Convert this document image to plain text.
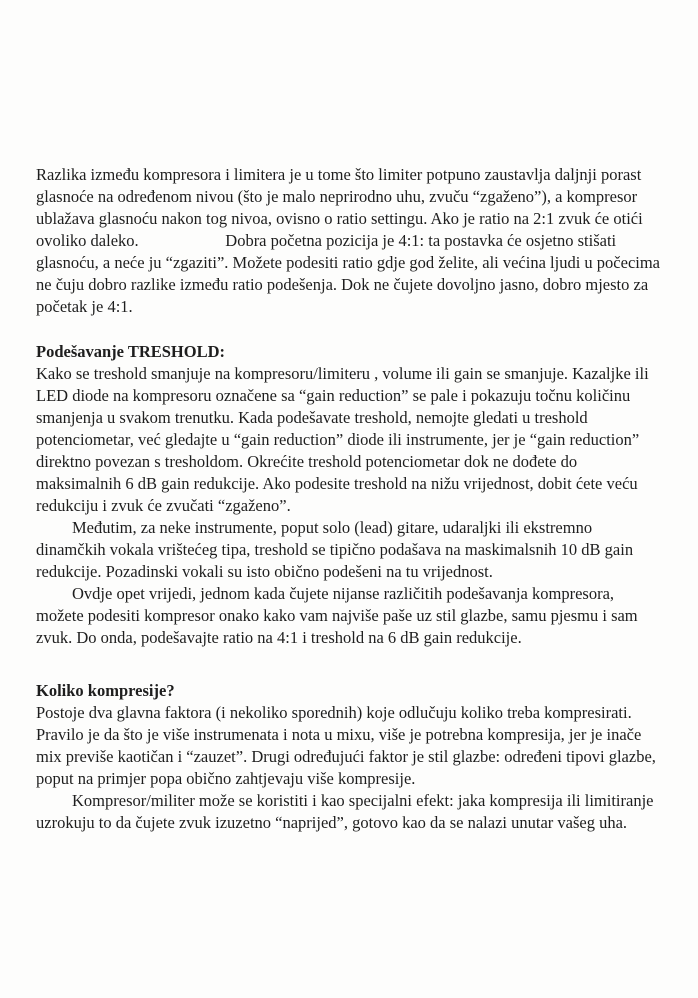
Razlika između kompresora i limitera je u tome što limiter potpuno zaustavlja daljnji porast glasnoće na određenom nivou (što je malo neprirodno uhu, zvuču “zgaženo”), a kompresor ublažava glasnoću nakon tog nivoa, ovisno o ratio settingu. Ako je ratio na 2:1 zvuk će otići ovoliko daleko.                     Dobra početna pozicija je 4:1: ta postavka će osjetno stišati glasnoću, a neće ju “zgaziti”. Možete podesiti ratio gdje god želite, ali većina ljudi u počecima ne čuju dobro razlike između ratio podešenja. Dok ne čujete dovoljno jasno, dobro mjesto za početak je 4:1.

Podešavanje TRESHOLD:

Kako se treshold smanjuje na kompresoru/limiteru , volume ili gain se smanjuje. Kazaljke ili LED diode na kompresoru označene sa “gain reduction” se pale i pokazuju točnu količinu smanjenja u svakom trenutku. Kada podešavate treshold, nemojte gledati u treshold potenciometar, već gledajte u “gain reduction” diode ili instrumente, jer je “gain reduction” direktno povezan s tresholdom. Okrećite treshold potenciometar dok ne dođete do maksimalnih 6 dB gain redukcije. Ako podesite treshold na nižu vrijednost, dobit ćete veću redukciju i zvuk će zvučati “zgaženo”.

Međutim, za neke instrumente, poput solo (lead) gitare, udaraljki ili ekstremno dinamčkih vokala vrištećeg tipa, treshold se tipično podašava na maskimalsnih 10 dB gain redukcije. Pozadinski vokali su isto obično podešeni na tu vrijednost.

Ovdje opet vrijedi, jednom kada čujete nijanse različitih podešavanja kompresora, možete podesiti kompresor onako kako vam najviše paše uz stil glazbe, samu pjesmu i sam zvuk. Do onda, podešavajte ratio na 4:1 i treshold na 6 dB gain redukcije.

Koliko kompresije?

Postoje dva glavna faktora (i nekoliko sporednih) koje odlučuju koliko treba kompresirati. Pravilo je da što je više instrumenata i nota u mixu, više je potrebna kompresija, jer je inače mix previše kaotičan i “zauzet”. Drugi određujući faktor je stil glazbe: određeni tipovi glazbe, poput na primjer popa obično zahtjevaju više kompresije.

Kompresor/militer može se koristiti i kao specijalni efekt: jaka kompresija ili limitiranje uzrokuju to da čujete zvuk izuzetno “naprijed”, gotovo kao da se nalazi unutar vašeg uha.
